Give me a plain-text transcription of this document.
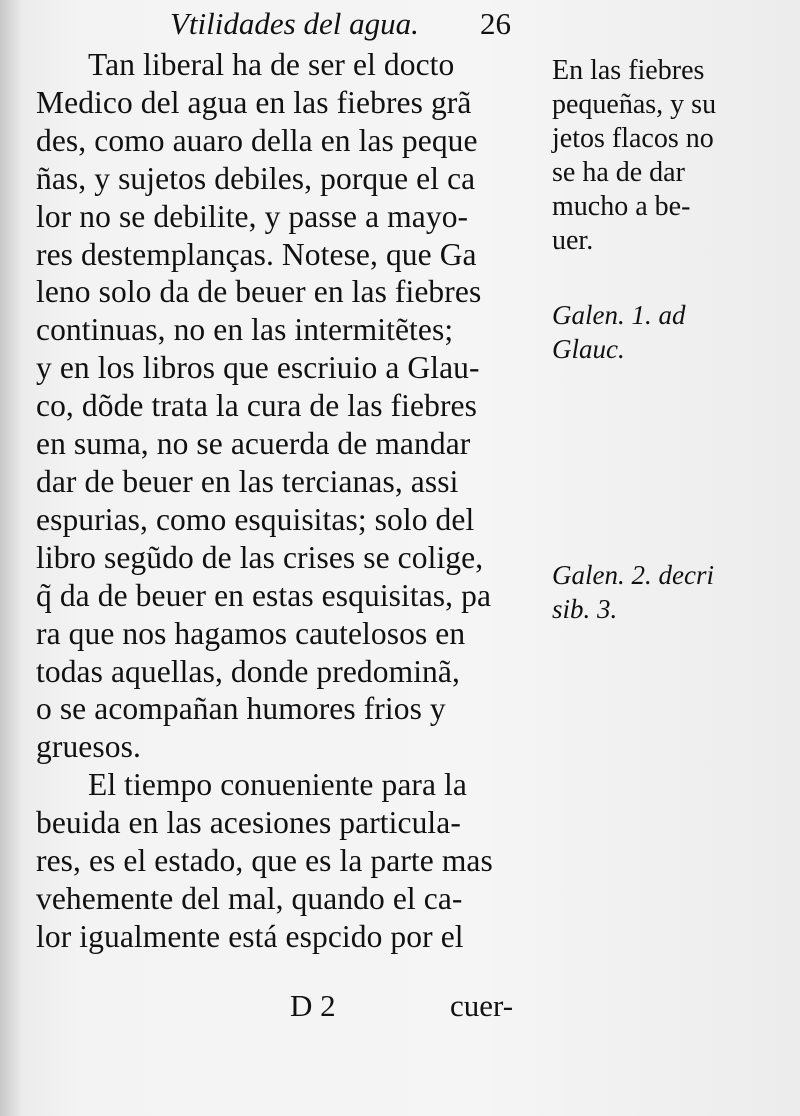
Vtilidades del agua. 26
Tan liberal ha de ser el docto
Medico del agua en las fiebres grã
des, como auaro della en las peque
ñas, y sujetos debiles, porque el ca
lor no se debilite, y passe a mayo-
res destemplanças. Notese, que Ga
leno solo da de beuer en las fiebres
continuas, no en las intermitẽtes;
y en los libros que escriuio a Glau-
co, dõde trata la cura de las fiebres
en suma, no se acuerda de mandar
dar de beuer en las tercianas, assi
espurias, como esquisitas; solo del
libro segũdo de las crises se colige,
q̃ da de beuer en estas esquisitas, pa
ra que nos hagamos cautelosos en
todas aquellas, donde predominã,
o se acompañan humores frios y
gruesos.
El tiempo conueniente para la
beuida en las acesiones particula-
res, es el estado, que es la parte mas
vehemente del mal, quando el ca-
lor igualmente está espcido por el
En las fiebres
pequeñas, y su
jetos flacos no
se ha de dar
mucho a be-
uer.
Galen. 1. ad
Glauc.
Galen. 2. decri
sib. 3.
D 2	cuer-
